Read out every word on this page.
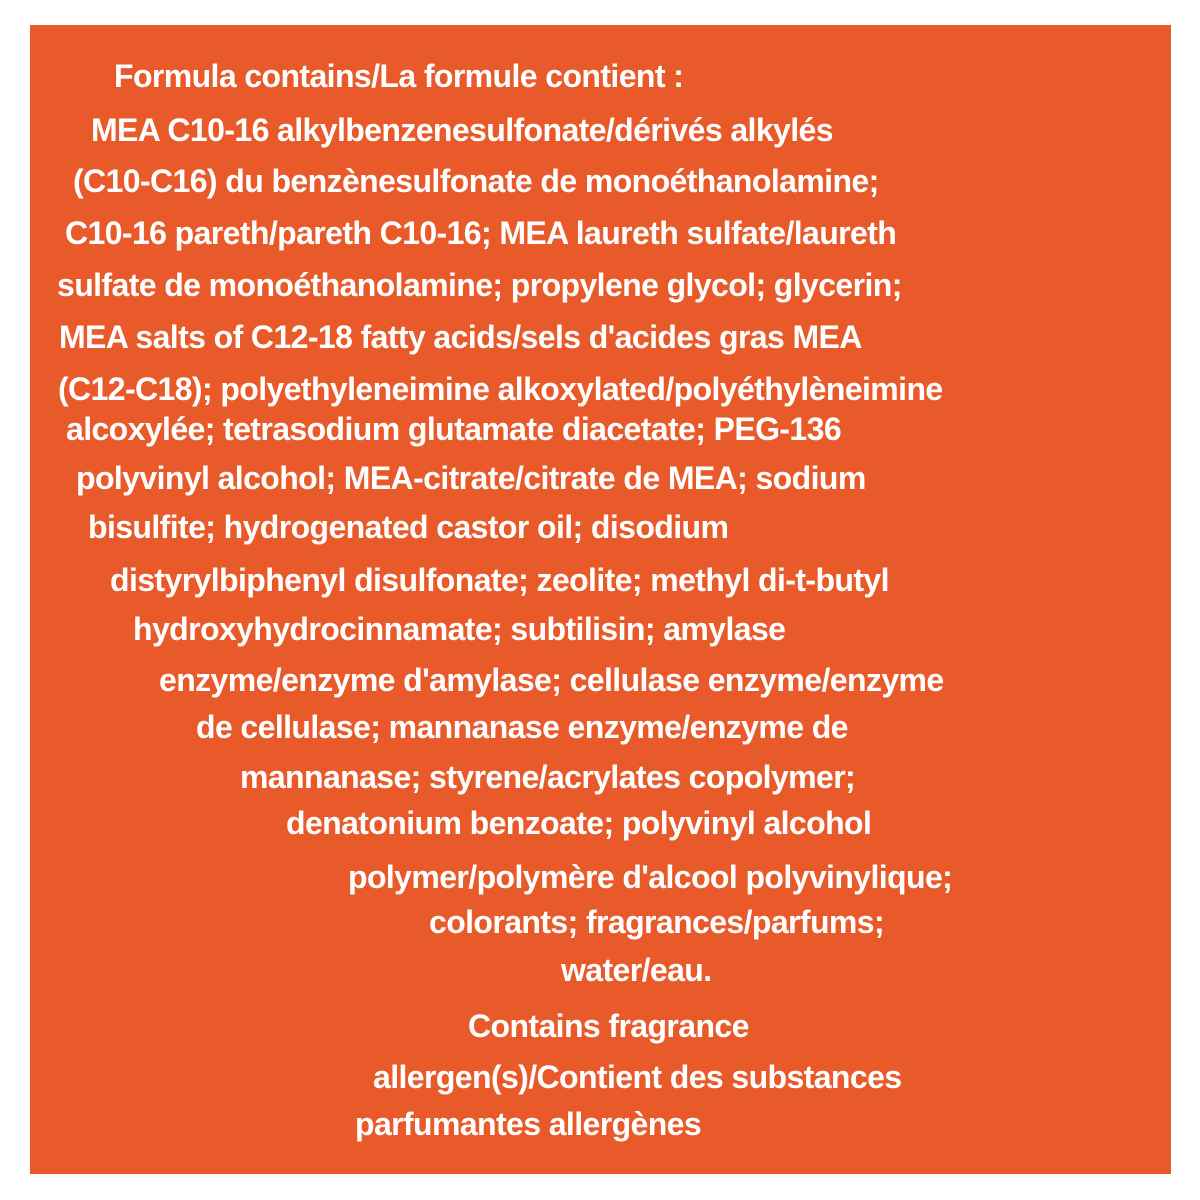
Formula contains/La formule contient :
MEA C10-16 alkylbenzenesulfonate/dérivés alkylés
(C10-C16) du benzènesulfonate de monoéthanolamine;
C10-16 pareth/pareth C10-16; MEA laureth sulfate/laureth
sulfate de monoéthanolamine; propylene glycol; glycerin;
MEA salts of C12-18 fatty acids/sels d'acides gras MEA
(C12-C18); polyethyleneimine alkoxylated/polyéthylèneimine
alcoxylée; tetrasodium glutamate diacetate; PEG-136
polyvinyl alcohol; MEA-citrate/citrate de MEA; sodium
bisulfite; hydrogenated castor oil; disodium
distyrylbiphenyl disulfonate; zeolite; methyl di-t-butyl
hydroxyhydrocinnamate; subtilisin; amylase
enzyme/enzyme d'amylase; cellulase enzyme/enzyme
de cellulase; mannanase enzyme/enzyme de
mannanase; styrene/acrylates copolymer;
denatonium benzoate; polyvinyl alcohol
polymer/polymère d'alcool polyvinylique;
colorants; fragrances/parfums;
water/eau.
Contains fragrance
allergen(s)/Contient des substances
parfumantes allergènes
